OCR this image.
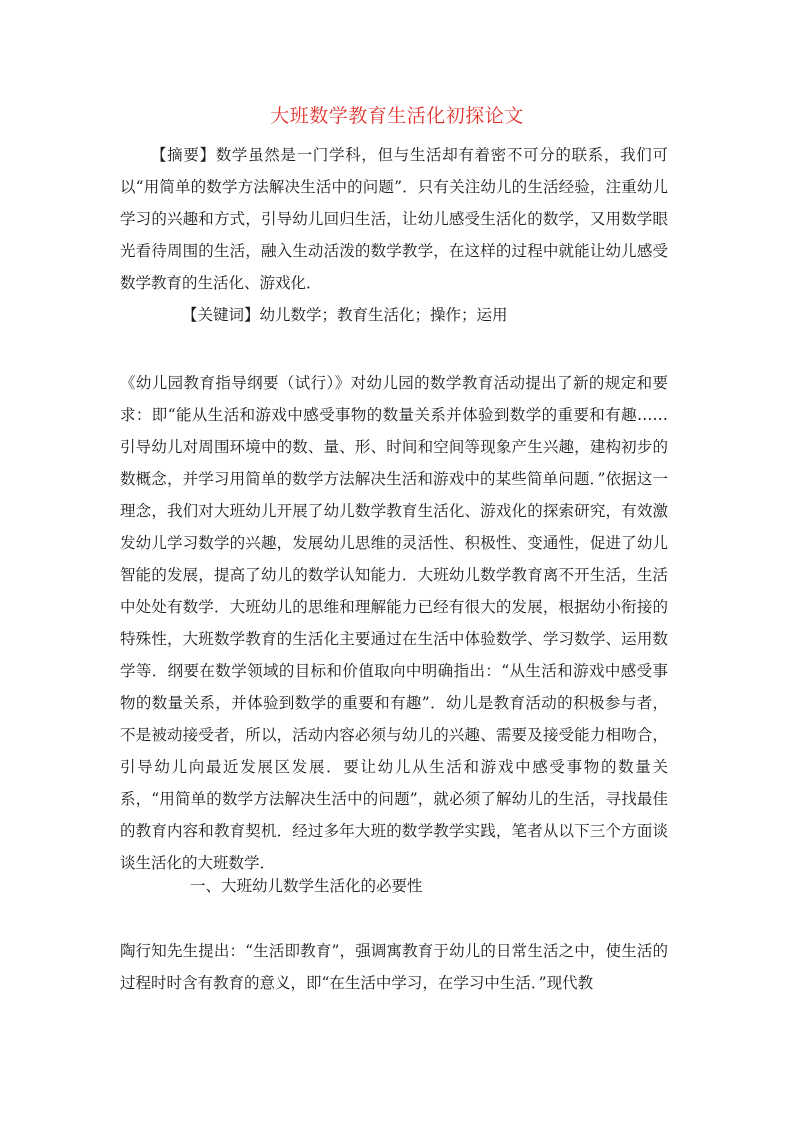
大班数学教育生活化初探论文
【摘要】数学虽然是一门学科，但与生活却有着密不可分的联系，我们可以“用简单的数学方法解决生活中的问题”．只有关注幼儿的生活经验，注重幼儿学习的兴趣和方式，引导幼儿回归生活，让幼儿感受生活化的数学，又用数学眼光看待周围的生活，融入生动活泼的数学教学，在这样的过程中就能让幼儿感受数学教育的生活化、游戏化．
【关键词】幼儿数学；教育生活化；操作；运用
《幼儿园教育指导纲要（试行）》对幼儿园的数学教育活动提出了新的规定和要求：即“能从生活和游戏中感受事物的数量关系并体验到数学的重要和有趣……引导幼儿对周围环境中的数、量、形、时间和空间等现象产生兴趣，建构初步的数概念，并学习用简单的数学方法解决生活和游戏中的某些简单问题．”依据这一理念，我们对大班幼儿开展了幼儿数学教育生活化、游戏化的探索研究，有效激发幼儿学习数学的兴趣，发展幼儿思维的灵活性、积极性、变通性，促进了幼儿智能的发展，提高了幼儿的数学认知能力．大班幼儿数学教育离不开生活，生活中处处有数学．大班幼儿的思维和理解能力已经有很大的发展，根据幼小衔接的特殊性，大班数学教育的生活化主要通过在生活中体验数学、学习数学、运用数学等．纲要在数学领域的目标和价值取向中明确指出：“从生活和游戏中感受事物的数量关系，并体验到数学的重要和有趣”．幼儿是教育活动的积极参与者，不是被动接受者，所以，活动内容必须与幼儿的兴趣、需要及接受能力相吻合，引导幼儿向最近发展区发展．要让幼儿从生活和游戏中感受事物的数量关系，“用简单的数学方法解决生活中的问题”，就必须了解幼儿的生活，寻找最佳的教育内容和教育契机．经过多年大班的数学教学实践，笔者从以下三个方面谈谈生活化的大班数学．
一、大班幼儿数学生活化的必要性
陶行知先生提出：“生活即教育”，强调寓教育于幼儿的日常生活之中，使生活的过程时时含有教育的意义，即“在生活中学习，在学习中生活．”现代教
